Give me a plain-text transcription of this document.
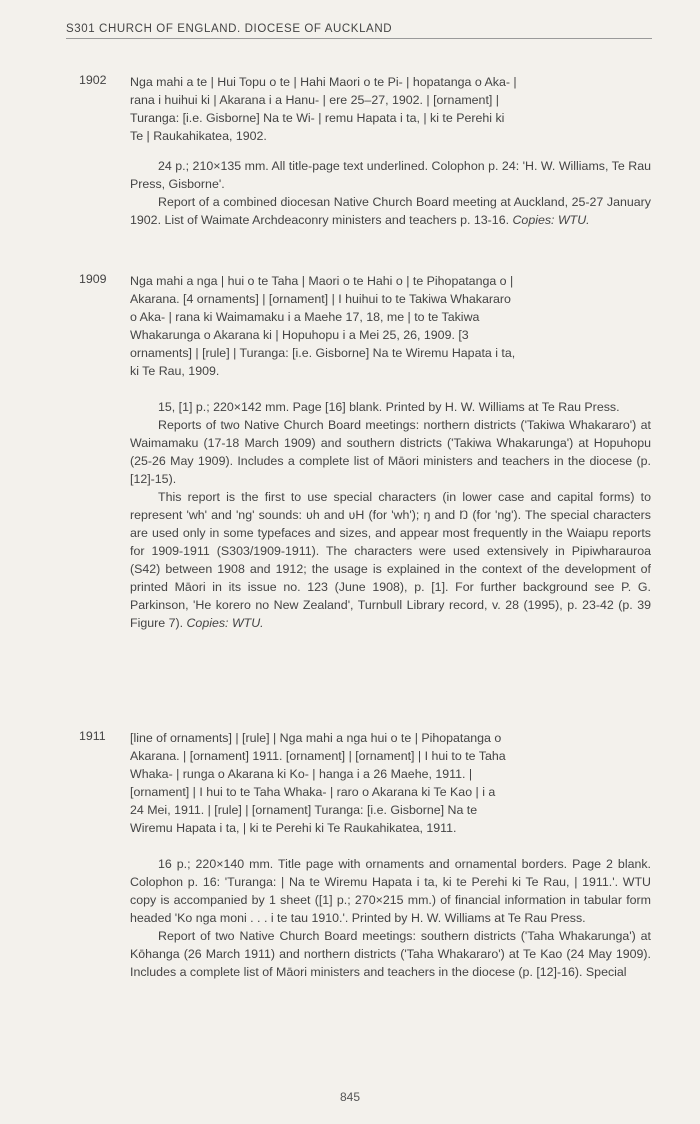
S301 CHURCH OF ENGLAND. DIOCESE OF AUCKLAND
1902 Nga mahi a te | Hui Topu o te | Hahi Maori o te Pi- | hopatanga o Aka- |
rana i huihui ki | Akarana i a Hanu- | ere 25–27, 1902. | [ornament] |
Turanga: [i.e. Gisborne] Na te Wi- | remu Hapata i ta, | ki te Perehi ki
Te | Raukahikatea, 1902.

24 p.; 210×135 mm. All title-page text underlined. Colophon p. 24: 'H. W. Williams, Te Rau Press, Gisborne'.

Report of a combined diocesan Native Church Board meeting at Auckland, 25-27 January 1902. List of Waimate Archdeaconry ministers and teachers p. 13-16. Copies: WTU.

1909 Nga mahi a nga | hui o te Taha | Maori o te Hahi o | te Pihopatanga o |
Akarana. [4 ornaments] | [ornament] | I huihui to te Takiwa Whakararo
o Aka- | rana ki Waimamaku i a Maehe 17, 18, me | to te Takiwa
Whakarunga o Akarana ki | Hopuhopu i a Mei 25, 26, 1909. [3
ornaments] | [rule] | Turanga: [i.e. Gisborne] Na te Wiremu Hapata i ta,
ki Te Rau, 1909.

15, [1] p.; 220×142 mm. Page [16] blank. Printed by H. W. Williams at Te Rau Press.

Reports of two Native Church Board meetings: northern districts ('Takiwa Whakararo') at Waimamaku (17-18 March 1909) and southern districts ('Takiwa Whakarunga') at Hopuhopu (25-26 May 1909). Includes a complete list of Māori ministers and teachers in the diocese (p. [12]-15).

This report is the first to use special characters (in lower case and capital forms) to represent 'wh' and 'ng' sounds: ʋh and ʋH (for 'wh'); ŋ and Ŋ (for 'ng'). The special characters are used only in some typefaces and sizes, and appear most frequently in the Waiapu reports for 1909-1911 (S303/1909-1911). The characters were used extensively in Pipiwharauroa (S42) between 1908 and 1912; the usage is explained in the context of the development of printed Māori in its issue no. 123 (June 1908), p. [1]. For further background see P. G. Parkinson, 'He korero no New Zealand', Turnbull Library record, v. 28 (1995), p. 23-42 (p. 39 Figure 7). Copies: WTU.

1911 [line of ornaments] | [rule] | Nga mahi a nga hui o te | Pihopatanga o
Akarana. | [ornament] 1911. [ornament] | [ornament] | I hui to te Taha
Whaka- | runga o Akarana ki Ko- | hanga i a 26 Maehe, 1911. |
[ornament] | I hui to te Taha Whaka- | raro o Akarana ki Te Kao | i a
24 Mei, 1911. | [rule] | [ornament] Turanga: [i.e. Gisborne] Na te
Wiremu Hapata i ta, | ki te Perehi ki Te Raukahikatea, 1911.

16 p.; 220×140 mm. Title page with ornaments and ornamental borders. Page 2 blank. Colophon p. 16: 'Turanga: | Na te Wiremu Hapata i ta, ki te Perehi ki Te Rau, | 1911.'. WTU copy is accompanied by 1 sheet ([1] p.; 270×215 mm.) of financial information in tabular form headed 'Ko nga moni . . . i te tau 1910.'. Printed by H. W. Williams at Te Rau Press.

Report of two Native Church Board meetings: southern districts ('Taha Whakarunga') at Kōhanga (26 March 1911) and northern districts ('Taha Whakararo') at Te Kao (24 May 1909). Includes a complete list of Māori ministers and teachers in the diocese (p. [12]-16). Special

845
